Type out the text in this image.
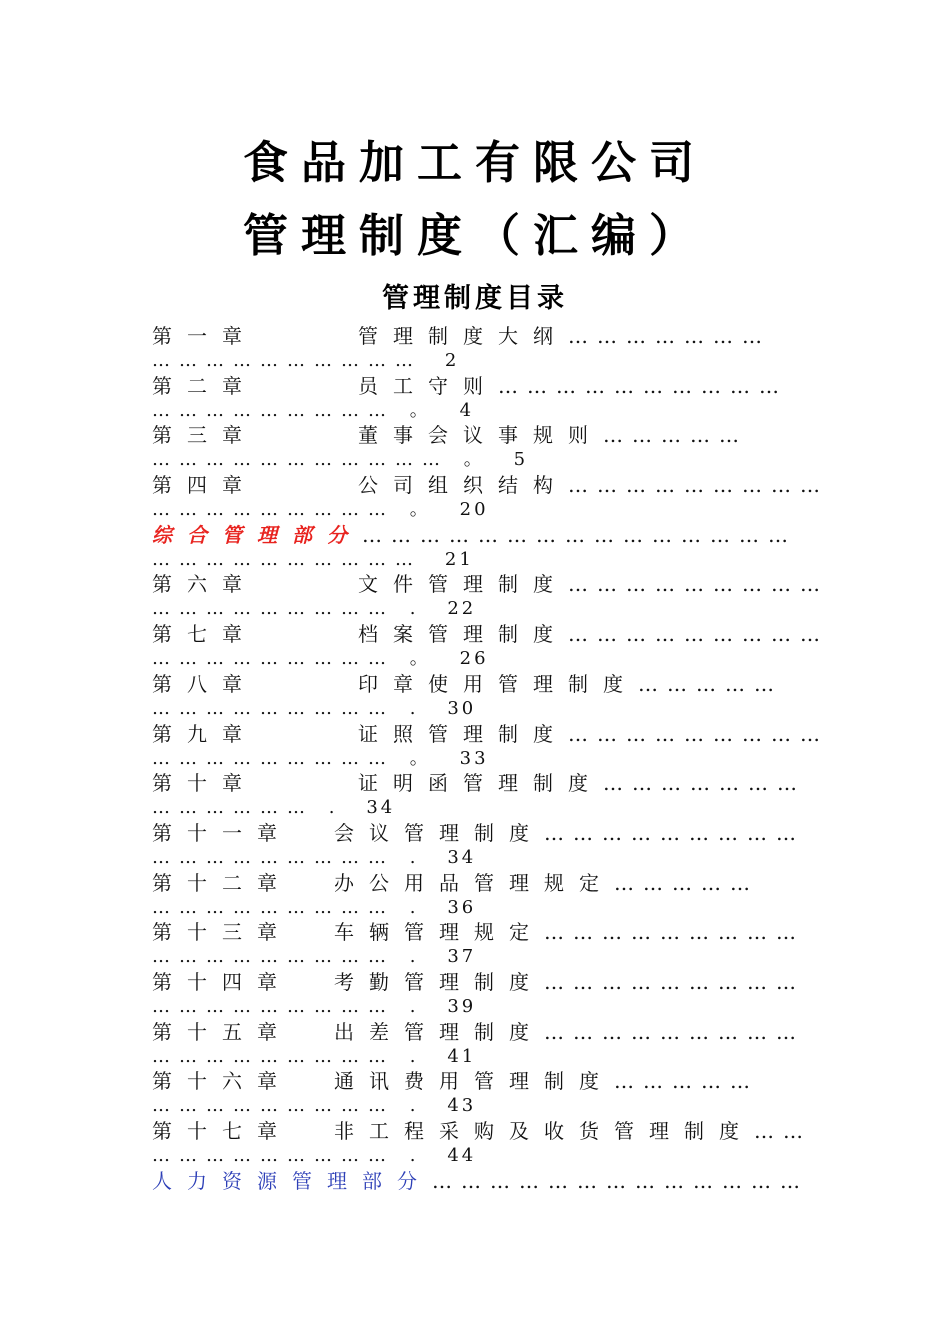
食品加工有限公司
管理制度（汇编）
管理制度目录
第一章	管理制度大纲…………………
………………………… 2
第二章	员工守则…………………………
……………………… 。 4
第三章	董事会议事规则……………
…………………………… 。 5
第四章	公司组织结构………………………
……………………… 。 20
综合管理部分………………………………………
………………………… 21
第六章	文件管理制度………………………
……………………… . 22
第七章	档案管理制度………………………
……………………… 。 26
第八章	印章使用管理制度……………
……………………… . 30
第九章	证照管理制度………………………
……………………… 。 33
第十章	证明函管理制度…………………
……………… . 34
第十一章 会议管理制度………………………
……………………… . 34
第十二章 办公用品管理规定……………
……………………… . 36
第十三章 车辆管理规定………………………
……………………… . 37
第十四章 考勤管理制度………………………
……………………… . 39
第十五章 出差管理制度………………………
……………………… . 41
第十六章 通讯费用管理制度……………
……………………… . 43
第十七章 非工程采购及收货管理制度……
……………………… . 44
人力资源管理部分…………………………………
